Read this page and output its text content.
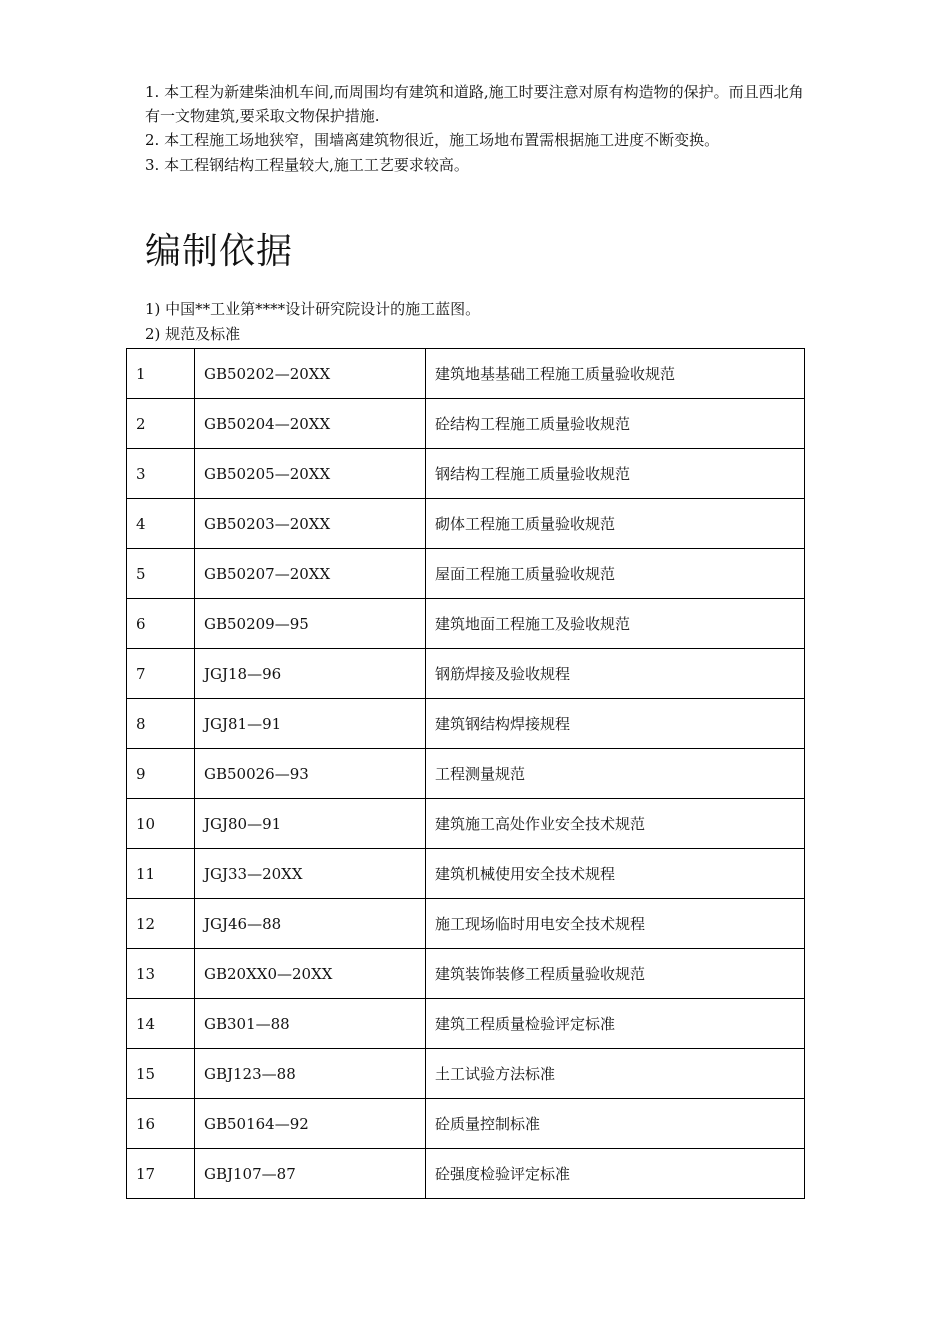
1. 本工程为新建柴油机车间,而周围均有建筑和道路,施工时要注意对原有构造物的保护。而且西北角有一文物建筑,要采取文物保护措施.

2. 本工程施工场地狭窄，围墙离建筑物很近，施工场地布置需根据施工进度不断变换。

3. 本工程钢结构工程量较大,施工工艺要求较高。

编制依据

1) 中国**工业第****设计研究院设计的施工蓝图。

2) 规范及标准

1	GB50202—20XX	建筑地基基础工程施工质量验收规范
2	GB50204—20XX	砼结构工程施工质量验收规范
3	GB50205—20XX	钢结构工程施工质量验收规范
4	GB50203—20XX	砌体工程施工质量验收规范
5	GB50207—20XX	屋面工程施工质量验收规范
6	GB50209—95	建筑地面工程施工及验收规范
7	JGJ18—96	钢筋焊接及验收规程
8	JGJ81—91	建筑钢结构焊接规程
9	GB50026—93	工程测量规范
10	JGJ80—91	建筑施工高处作业安全技术规范
11	JGJ33—20XX	建筑机械使用安全技术规程
12	JGJ46—88	施工现场临时用电安全技术规程
13	GB20XX0—20XX	建筑装饰装修工程质量验收规范
14	GB301—88	建筑工程质量检验评定标准
15	GBJ123—88	土工试验方法标准
16	GB50164—92	砼质量控制标准
17	GBJ107—87	砼强度检验评定标准
